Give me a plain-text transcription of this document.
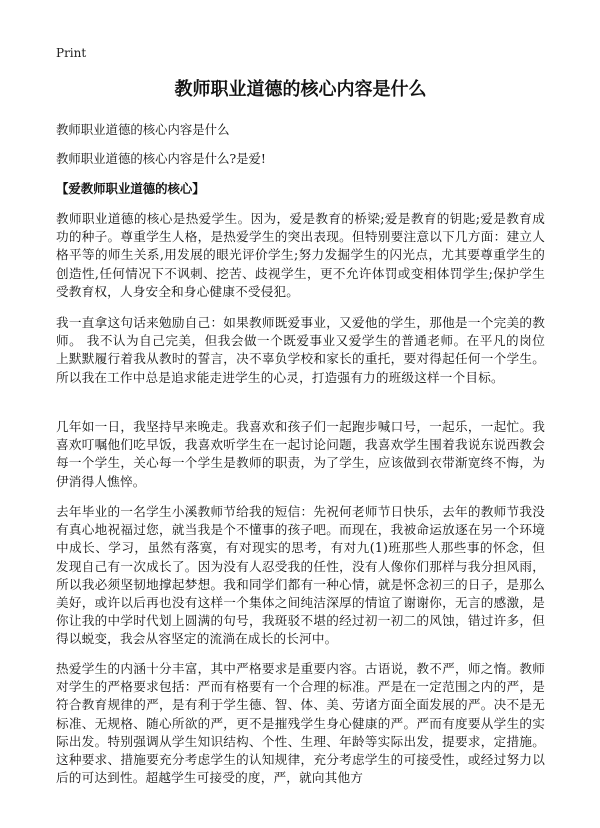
Print
教师职业道德的核心内容是什么
教师职业道德的核心内容是什么
教师职业道德的核心内容是什么?是爱!
【爱教师职业道德的核心】
教师职业道德的核心是热爱学生。因为，爱是教育的桥梁;爱是教育的钥匙;爱是教育成功的种子。尊重学生人格，是热爱学生的突出表现。但特别要注意以下几方面：建立人格平等的师生关系,用发展的眼光评价学生;努力发掘学生的闪光点，尤其要尊重学生的创造性,任何情况下不讽刺、挖苦、歧视学生，更不允许体罚或变相体罚学生;保护学生受教育权，人身安全和身心健康不受侵犯。
我一直拿这句话来勉励自己：如果教师既爱事业，又爱他的学生，那他是一个完美的教师。 我不认为自己完美，但我会做一个既爱事业又爱学生的普通老师。在平凡的岗位上默默履行着我从教时的誓言，决不辜负学校和家长的重托，要对得起任何一个学生。所以我在工作中总是追求能走进学生的心灵，打造强有力的班级这样一个目标。
几年如一日，我坚持早来晚走。我喜欢和孩子们一起跑步喊口号，一起乐，一起忙。我喜欢叮嘱他们吃早饭，我喜欢听学生在一起讨论问题，我喜欢学生围着我说东说西教会每一个学生，关心每一个学生是教师的职责，为了学生，应该做到衣带渐宽终不悔，为伊消得人憔悴。
去年毕业的一名学生小溪教师节给我的短信：先祝何老师节日快乐，去年的教师节我没有真心地祝福过您，就当我是个不懂事的孩子吧。而现在，我被命运放逐在另一个环境中成长、学习，虽然有落寞，有对现实的思考，有对九(1)班那些人那些事的怀念，但发现自己有一次成长了。因为没有人忍受我的任性，没有人像你们那样与我分担风雨，所以我必须坚韧地撑起梦想。我和同学们都有一种心情，就是怀念初三的日子，是那么美好，或许以后再也没有这样一个集体之间纯洁深厚的情谊了谢谢你，无言的感激，是你让我的中学时代划上圆满的句号，我斑驳不堪的经过初一初二的风蚀，错过许多，但得以蜕变，我会从容坚定的流淌在成长的长河中。
热爱学生的内涵十分丰富，其中严格要求是重要内容。古语说，教不严，师之惰。教师对学生的严格要求包括：严而有格要有一个合理的标准。严是在一定范围之内的严，是符合教育规律的严，是有利于学生德、智、体、美、劳诸方面全面发展的严。决不是无标准、无规格、随心所欲的严，更不是摧残学生身心健康的严。严而有度要从学生的实际出发。特别强调从学生知识结构、个性、生理、年龄等实际出发，提要求，定措施。这种要求、措施要充分考虑学生的认知规律，充分考虑学生的可接受性，或经过努力以后的可达到性。超越学生可接受的度，严，就向其他方
